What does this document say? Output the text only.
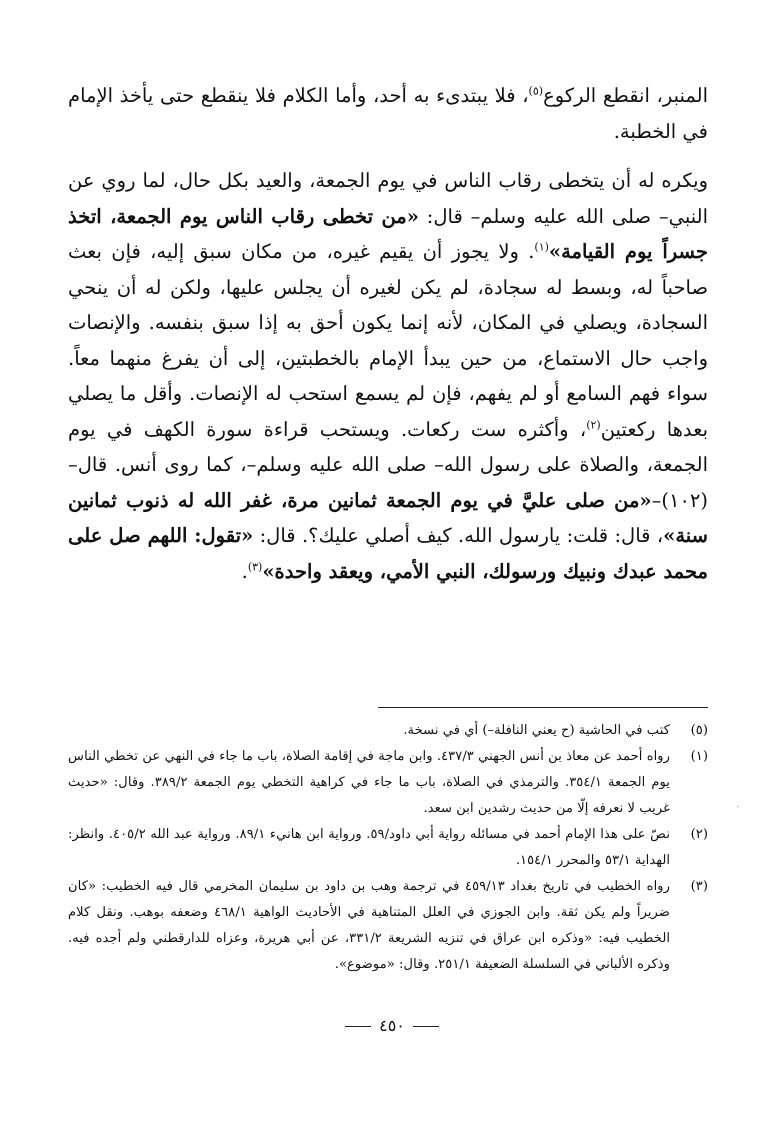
المنبر، انقطع الركوع$^{(٥)}$، فلا يبتدىء به أحد، وأما الكلام فلا ينقطع حتى يأخذ الإمام في الخطبة.

ويكره له أن يتخطى رقاب الناس في يوم الجمعة، والعيد بكل حال، لما روي عن النبي– صلى الله عليه وسلم– قال: «من تخطى رقاب الناس يوم الجمعة، اتخذ جسراً يوم القيامة»$^{(١)}$. ولا يجوز أن يقيم غيره، من مكان سبق إليه، فإن بعث صاحباً له، وبسط له سجادة، لم يكن لغيره أن يجلس عليها، ولكن له أن ينحي السجادة، ويصلي في المكان، لأنه إنما يكون أحق به إذا سبق بنفسه. والإنصات واجب حال الاستماع، من حين يبدأ الإمام بالخطبتين، إلى أن يفرغ منهما معاً. سواء فهم السامع أو لم يفهم، فإن لم يسمع استحب له الإنصات. وأقل ما يصلي بعدها ركعتين$^{(٢)}$، وأكثره ست ركعات. ويستحب قراءة سورة الكهف في يوم الجمعة، والصلاة على رسول الله– صلى الله عليه وسلم–، كما روى أنس. قال– (١٠٢)–«من صلى عليَّ في يوم الجمعة ثمانين مرة، غفر الله له ذنوب ثمانين سنة»، قال: قلت: يارسول الله. كيف أصلي عليك؟. قال: «تقول: اللهم صل على محمد عبدك ونبيك ورسولك، النبي الأمي، ويعقد واحدة»$^{(٣)}$.

(٥)
كتب في الحاشية (ح يعني النافلة–) أي في نسخة.
(١)
رواه أحمد عن معاذ بن أنس الجهني ٤٣٧/٣. وابن ماجة في إقامة الصلاة، باب ما جاء في النهي عن تخطي الناس يوم الجمعة ٣٥٤/١. والترمذي في الصلاة، باب ما جاء في كراهية التخطي يوم الجمعة ٣٨٩/٢. وقال: «حديث غريب لا نعرفه إلّا من حديث رشدين ابن سعد.
(٢)
نصّ على هذا الإمام أحمد في مسائله رواية أبي داود/٥٩. ورواية ابن هانيء ٨٩/١. ورواية عبد الله ٤٠٥/٢. وانظر: الهداية ٥٣/١ والمحرر ١٥٤/١.
(٣)
رواه الخطيب في تاريخ بغداد ٤٥٩/١٣ في ترجمة وهب بن داود بن سليمان المخرمي قال فيه الخطيب: «كان ضريراً ولم يكن ثقة. وابن الجوزي في العلل المتناهية في الأحاديث الواهية ٤٦٨/١ وضعفه بوهب. ونقل كلام الخطيب فيه: «وذكره ابن عراق في تنزيه الشريعة ٣٣١/٢، عن أبي هريرة، وعزاه للدارقطني ولم أجده فيه. وذكره الألباني في السلسلة الضعيفة ٢٥١/١. وقال: «موضوع».
٤٥٠
ˋ
